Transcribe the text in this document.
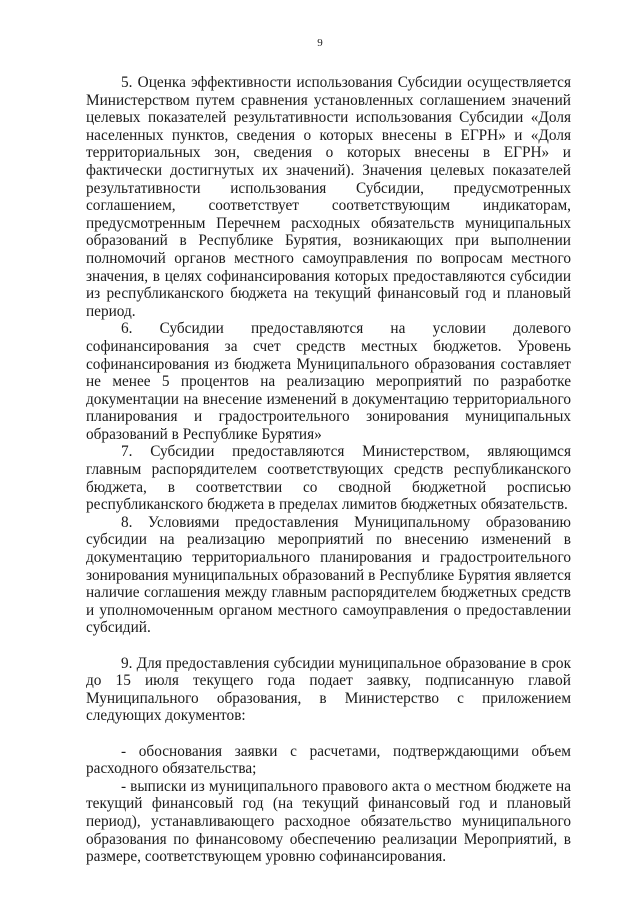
9

5. Оценка эффективности использования Субсидии осуществляется Министерством путем сравнения установленных соглашением значений целевых показателей результативности использования Субсидии «Доля населенных пунктов, сведения о которых внесены в ЕГРН» и «Доля территориальных зон, сведения о которых внесены в ЕГРН» и фактически достигнутых их значений). Значения целевых показателей результативности использования Субсидии, предусмотренных соглашением, соответствует соответствующим индикаторам, предусмотренным Перечнем расходных обязательств муниципальных образований в Республике Бурятия, возникающих при выполнении полномочий органов местного самоуправления по вопросам местного значения, в целях софинансирования которых предоставляются субсидии из республиканского бюджета на текущий финансовый год и плановый период.

6. Субсидии предоставляются на условии долевого софинансирования за счет средств местных бюджетов. Уровень софинансирования из бюджета Муниципального образования составляет не менее 5 процентов на реализацию мероприятий по разработке документации на внесение изменений в документацию территориального планирования и градостроительного зонирования муниципальных образований в Республике Бурятия»

7. Субсидии предоставляются Министерством, являющимся главным распорядителем соответствующих средств республиканского бюджета, в соответствии со сводной бюджетной росписью республиканского бюджета в пределах лимитов бюджетных обязательств.

8. Условиями предоставления Муниципальному образованию субсидии на реализацию мероприятий по внесению изменений в документацию территориального планирования и градостроительного зонирования муниципальных образований в Республике Бурятия является наличие соглашения между главным распорядителем бюджетных средств и уполномоченным органом местного самоуправления о предоставлении субсидий.

9. Для предоставления субсидии муниципальное образование в срок до 15 июля текущего года подает заявку, подписанную главой Муниципального образования, в Министерство с приложением следующих документов:

- обоснования заявки с расчетами, подтверждающими объем расходного обязательства;

- выписки из муниципального правового акта о местном бюджете на текущий финансовый год (на текущий финансовый год и плановый период), устанавливающего расходное обязательство муниципального образования по финансовому обеспечению реализации Мероприятий, в размере, соответствующем уровню софинансирования.
